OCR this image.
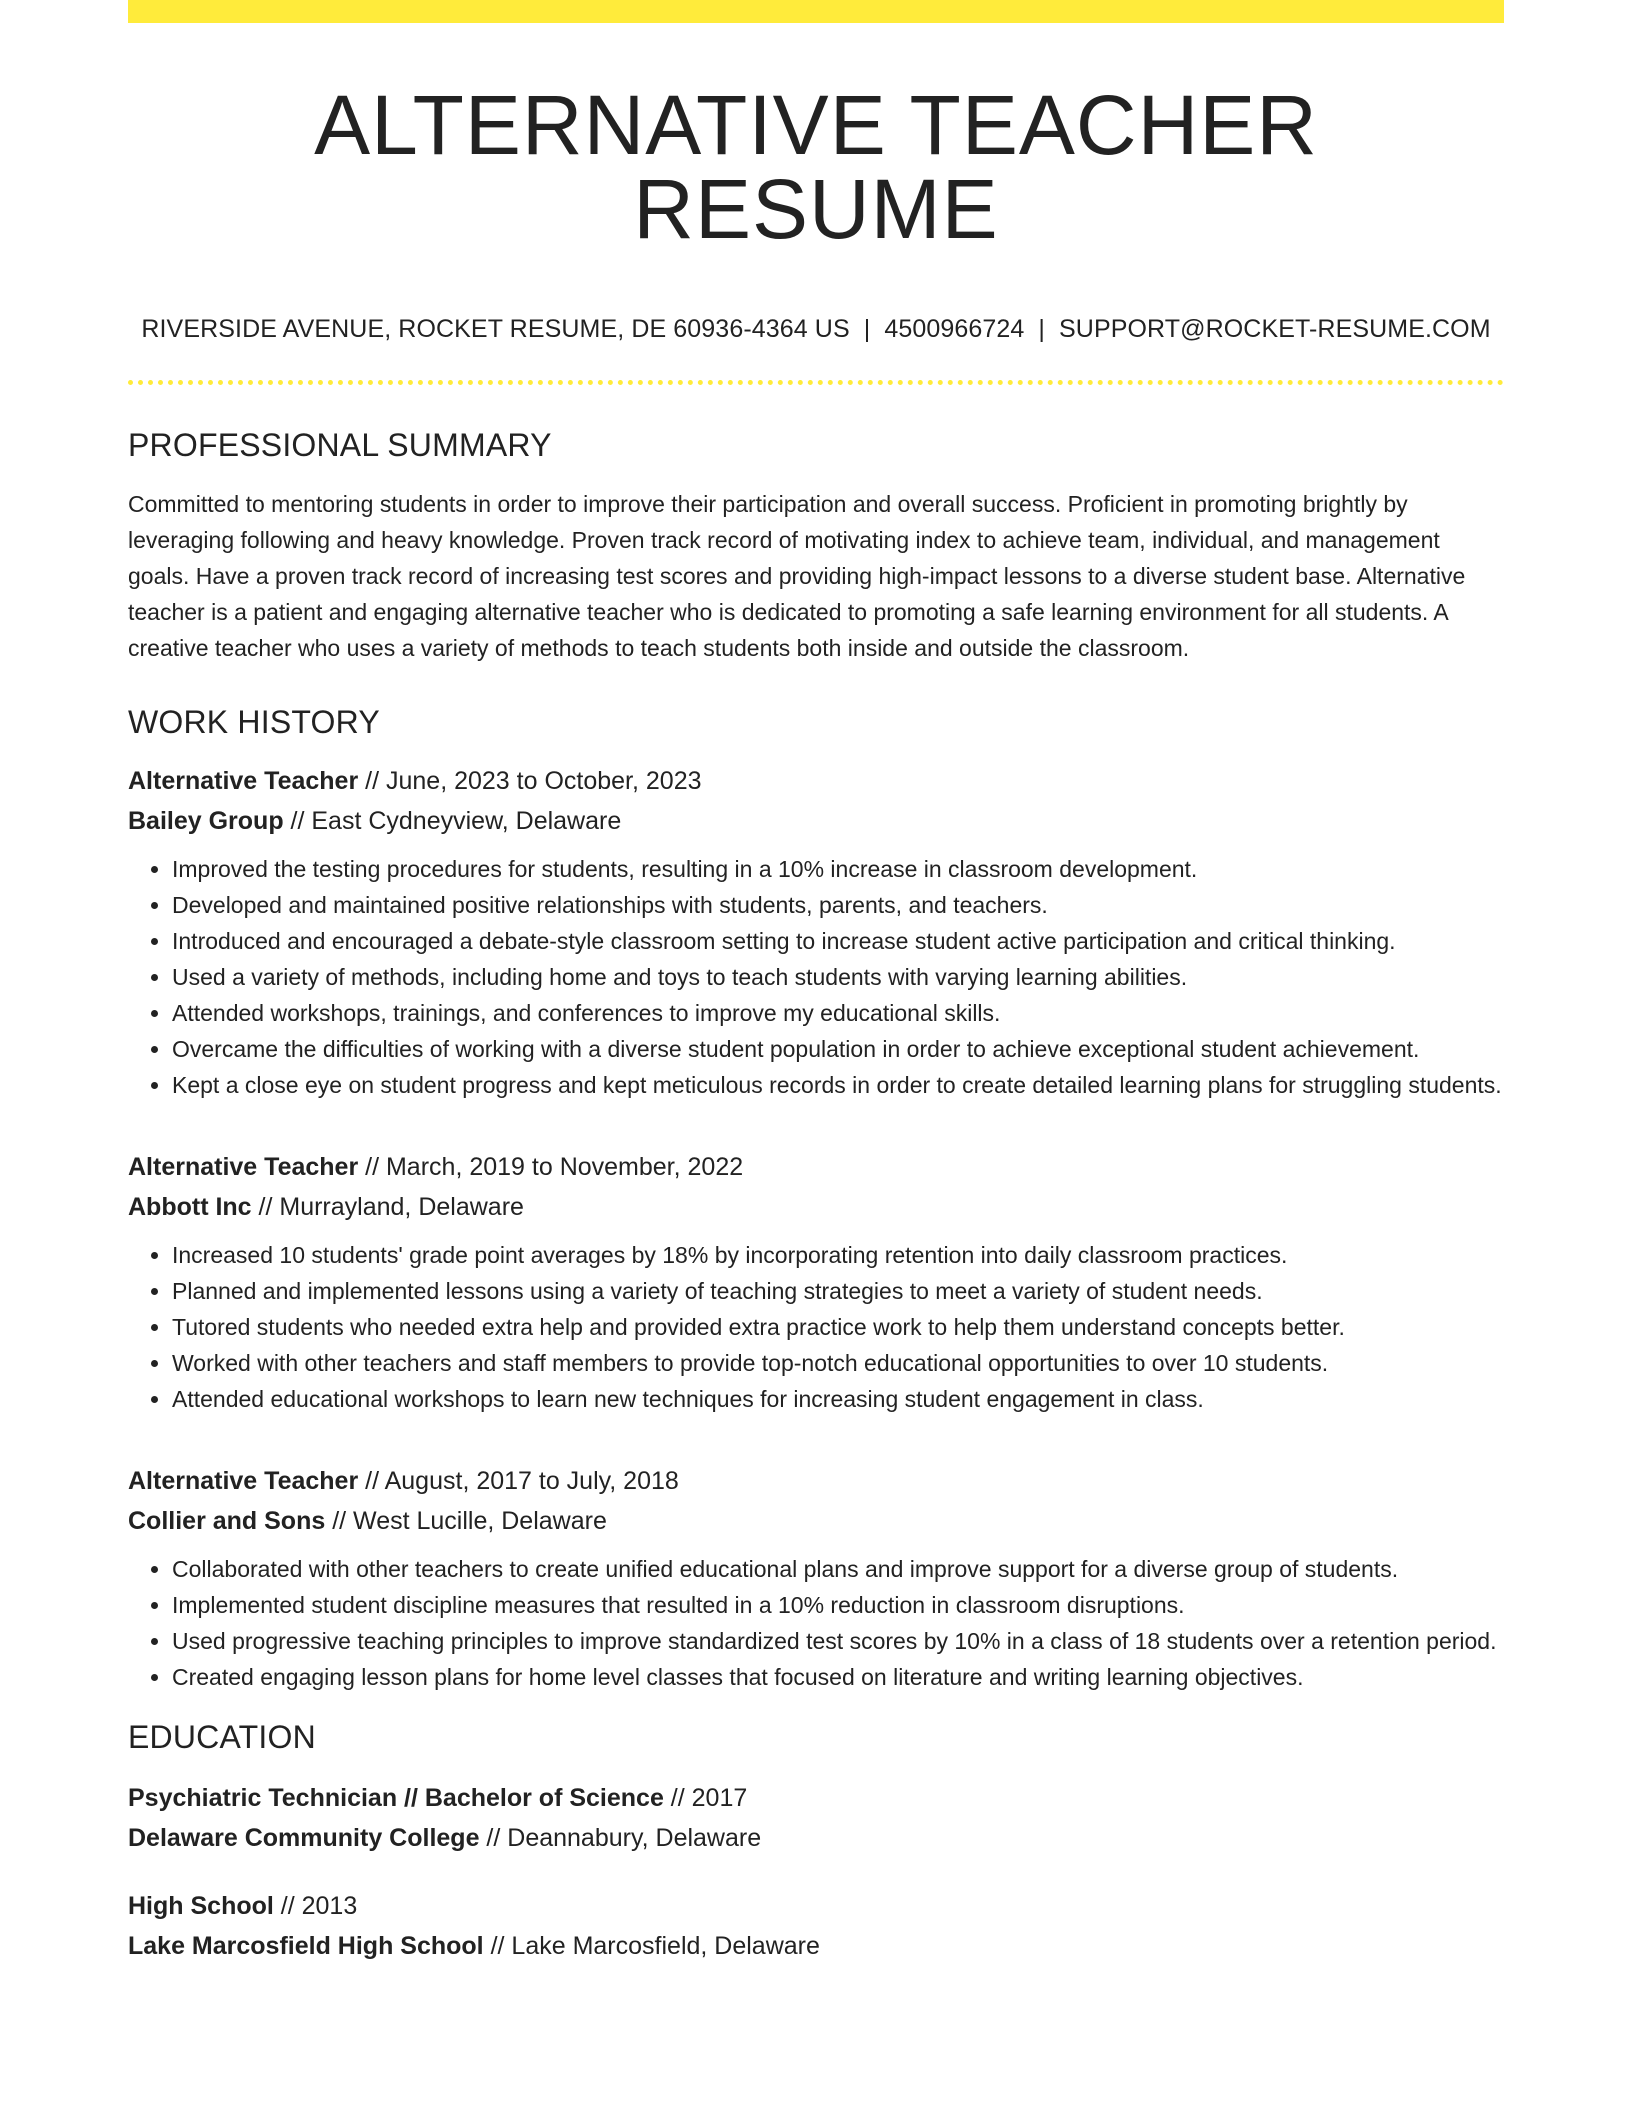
ALTERNATIVE TEACHER RESUME
RIVERSIDE AVENUE, ROCKET RESUME, DE 60936-4364 US | 4500966724 | SUPPORT@ROCKET-RESUME.COM
PROFESSIONAL SUMMARY

Committed to mentoring students in order to improve their participation and overall success. Proficient in promoting brightly by leveraging following and heavy knowledge. Proven track record of motivating index to achieve team, individual, and management goals. Have a proven track record of increasing test scores and providing high-impact lessons to a diverse student base. Alternative teacher is a patient and engaging alternative teacher who is dedicated to promoting a safe learning environment for all students. A creative teacher who uses a variety of methods to teach students both inside and outside the classroom.

WORK HISTORY
Alternative Teacher // June, 2023 to October, 2023
Bailey Group // East Cydneyview, Delaware
• Improved the testing procedures for students, resulting in a 10% increase in classroom development.
• Developed and maintained positive relationships with students, parents, and teachers.
• Introduced and encouraged a debate-style classroom setting to increase student active participation and critical thinking.
• Used a variety of methods, including home and toys to teach students with varying learning abilities.
• Attended workshops, trainings, and conferences to improve my educational skills.
• Overcame the difficulties of working with a diverse student population in order to achieve exceptional student achievement.
• Kept a close eye on student progress and kept meticulous records in order to create detailed learning plans for struggling students.
Alternative Teacher // March, 2019 to November, 2022
Abbott Inc // Murrayland, Delaware
• Increased 10 students' grade point averages by 18% by incorporating retention into daily classroom practices.
• Planned and implemented lessons using a variety of teaching strategies to meet a variety of student needs.
• Tutored students who needed extra help and provided extra practice work to help them understand concepts better.
• Worked with other teachers and staff members to provide top-notch educational opportunities to over 10 students.
• Attended educational workshops to learn new techniques for increasing student engagement in class.
Alternative Teacher // August, 2017 to July, 2018
Collier and Sons // West Lucille, Delaware
• Collaborated with other teachers to create unified educational plans and improve support for a diverse group of students.
• Implemented student discipline measures that resulted in a 10% reduction in classroom disruptions.
• Used progressive teaching principles to improve standardized test scores by 10% in a class of 18 students over a retention period.
• Created engaging lesson plans for home level classes that focused on literature and writing learning objectives.
EDUCATION
Psychiatric Technician // Bachelor of Science // 2017
Delaware Community College // Deannabury, Delaware
High School // 2013
Lake Marcosfield High School // Lake Marcosfield, Delaware
